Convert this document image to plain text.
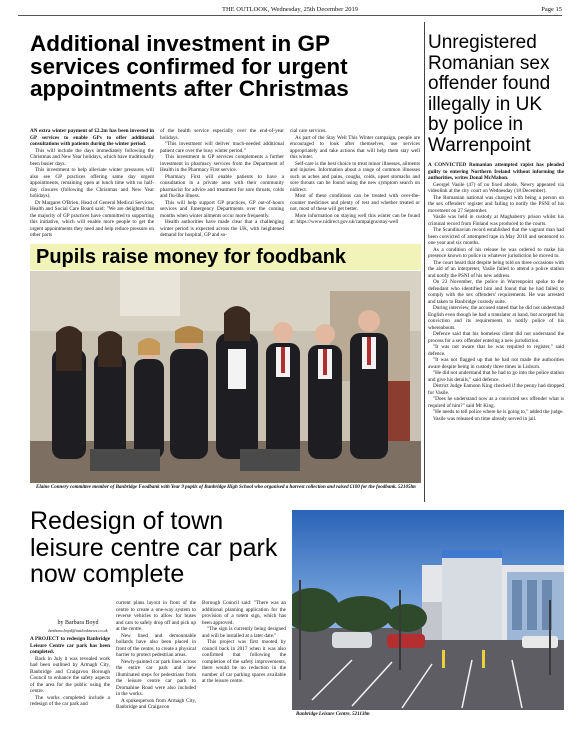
THE OUTLOOK, Wednesday, 25th December 2019	Page 15
Additional investment in GP services confirmed for urgent appointments after Christmas

AN extra winter payment of £2.2m has been invested in GP services to enable GPs to offer additional consultations with patients during the winter period.

This will include the days immediately following the Christmas and New Year holidays, which have traditionally been busier days.

This investment to help alleviate winter pressures will also see GP practices offering same day urgent appointments, remaining open at lunch time with no half-day closures (following the Christmas and New Year holidays).

Dr Margaret O'Brien, Head of General Medical Services, Health and Social Care Board said: "We are delighted that the majority of GP practices have committed to supporting this initiative, which will enable more people to get the urgent appointments they need and help reduce pressure on other parts

of the health service especially over the end-of-year holidays.

"This investment will deliver much-needed additional patient care over the busy winter period."

This investment in GP services complements a further investment in pharmacy services from the Department of Health in the Pharmacy First service.

Pharmacy First will enable patients to have a consultation in a private area with their community pharmacist for advice and treatment for sore throats, colds and flu-like illness.

This will help support GP practices, GP out-of-hours services and Emergency Departments over the coming months when winter ailments occur more frequently.

Health authorities have made clear that a challenging winter period is expected across the UK, with heightened demand for hospital, GP and so-

cial care services.

As part of the Stay Well This Winter campaign, people are encouraged to look after themselves, use services appropriately and take actions that will help them stay well this winter.

Self-care is the best choice to treat minor illnesses, ailments and injuries. Information about a range of common illnesses such as aches and pains, coughs, colds, upset stomachs and sore throats can be found using the new symptom search on nidirect.

Most of these conditions can be treated with over-the-counter medicines and plenty of rest and whether treated or not, most of these will get better.

More information on staying well this winter can be found at: https://www.nidirect.gov.uk/campaigns/stay-well

Unregistered Romanian sex offender found illegally in UK by police in Warrenpoint

A CONVICTED Romanian attempted rapist has pleaded guilty to entering Northern Ireland without informing the authorities, writes Donal McMahon.

Georgel Vasile (47) of no fixed abode, Newry appeared via videolink at the city court on Wednesday (18 December).

The Romanian national was charged with being a person on the sex offenders' register and failing to notify the PSNI of his movement on 27 September.

Vasile was held in custody at Maghaberry prison whilst his criminal record from Finland was produced to the courts.

The Scandinavian record established that the vagrant man had been convicted of attempted rape in May 2018 and sentenced to one year and six months.

As a condition of his release he was ordered to make his presence known to police in whatever jurisdiction he moved to.

The court heard that despite being told on three occasions with the aid of an interpreter, Vasile failed to attend a police station and notify the PSNI of his new address.

On 23 November, the police in Warrenpoint spoke to the defendant who identified him and found that he had failed to comply with the sex offenders' requirements. He was arrested and taken to Banbridge custody suite.

During interview, the accused stated that he did not understand English even though he had a translator at hand, but accepted his conviction and its requirements to notify police of his whereabouts.

Defence said that his homeless client did not understand the process for a sex offender entering a new jurisdiction.

"It was not aware that he was required to register," said defence.

"It was not flagged up that he had not made the authorities aware despite being in custody three times in Lisburn.

"He did not understand that he had to go into the police station and give his details," said defence.

District Judge Eamonn King checked if the penny had dropped for Vasile.

"Does he understand now as a convicted sex offender what is required of him?" said Mr King.

"He needs to tell police where he is going to," added the judge.

Vasile was released on time already served in jail.

Pupils raise money for foodbank
Elaine Connery committee member of Banbridge Foodbank with Year 9 pupils of Banbridge High School who organised a harvest collection and raised £100 for the foodbank. 52105lm
Redesign of town leisure centre car park now complete
by Barbara Boyd
barbara.boyd@outlooknews.co.uk

A PROJECT to redesign Banbridge Leisure Centre car park has been completed.

Back in July it was revealed work had been outlined by Armagh City, Banbridge and Craigavon Borough Council to enhance the safety aspects of the area for the public using the centre.

The works completed include a redesign of the car park and

current plans layout in front of the centre to create a one-way system to reverse vehicles to allow for buses and cars to safely drop off and pick up at the centre.

New lined and demountable bollards have also been placed in front of the centre, to create a physical barrier to protect pedestrian areas.

Newly-painted car park lines across the entire car park and new illuminated steps for pedestrians from the leisure centre car park to Dromahine Road were also included in the works.

A spokesperson from Armagh City, Banbridge and Craigavon

Borough Council said: "There was an additional planning application for the provision of a totem sign, which has been approved.

"The sign is currently being designed and will be installed at a later date."

This project was first mooted by council back in 2017 when it was also confirmed that following the completion of the safety improvements, there would be no reduction in the number of car parking spaces available at the leisure centre.

Banbridge Leisure Centre. 52113lm
